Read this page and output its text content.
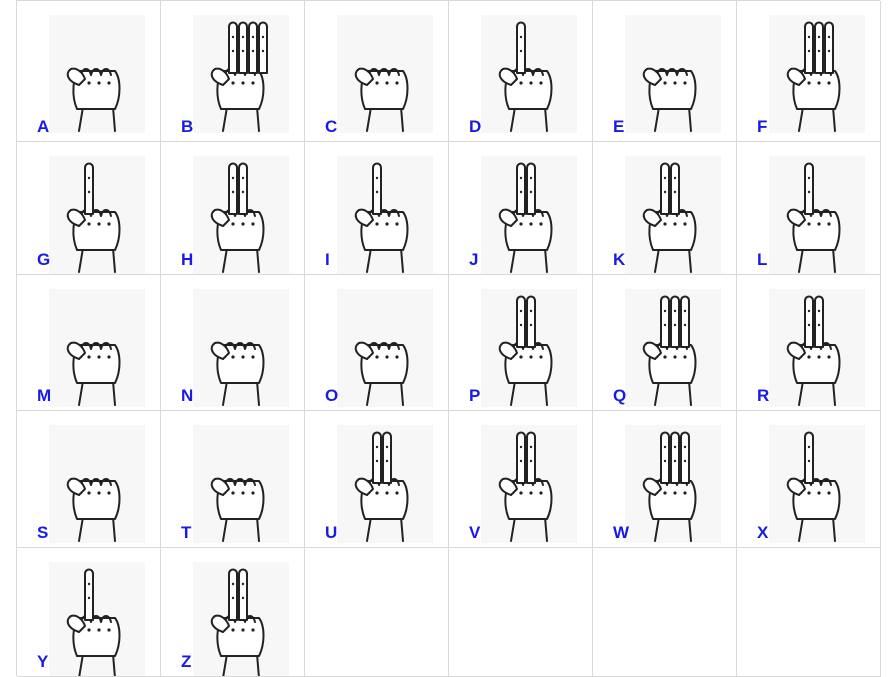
A	B	C	D	E	F
G	H	I	J	K	L
M	N	O	P	Q	R
S	T	U	V	W	X
Y	Z
